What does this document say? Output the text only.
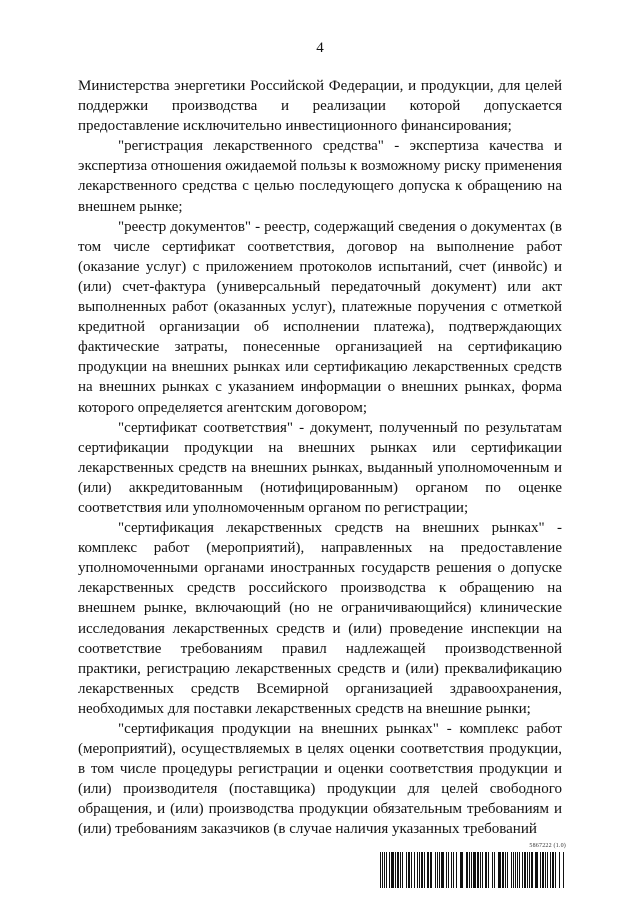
4

Министерства энергетики Российской Федерации, и продукции, для целей поддержки производства и реализации которой допускается предоставление исключительно инвестиционного финансирования;

"регистрация лекарственного средства" - экспертиза качества и экспертиза отношения ожидаемой пользы к возможному риску применения лекарственного средства с целью последующего допуска к обращению на внешнем рынке;

"реестр документов" - реестр, содержащий сведения о документах (в том числе сертификат соответствия, договор на выполнение работ (оказание услуг) с приложением протоколов испытаний, счет (инвойс) и (или) счет-фактура (универсальный передаточный документ) или акт выполненных работ (оказанных услуг), платежные поручения с отметкой кредитной организации об исполнении платежа), подтверждающих фактические затраты, понесенные организацией на сертификацию продукции на внешних рынках или сертификацию лекарственных средств на внешних рынках с указанием информации о внешних рынках, форма которого определяется агентским договором;

"сертификат соответствия" - документ, полученный по результатам сертификации продукции на внешних рынках или сертификации лекарственных средств на внешних рынках, выданный уполномоченным и (или) аккредитованным (нотифицированным) органом по оценке соответствия или уполномоченным органом по регистрации;

"сертификация лекарственных средств на внешних рынках" - комплекс работ (мероприятий), направленных на предоставление уполномоченными органами иностранных государств решения о допуске лекарственных средств российского производства к обращению на внешнем рынке, включающий (но не ограничивающийся) клинические исследования лекарственных средств и (или) проведение инспекции на соответствие требованиям правил надлежащей производственной практики, регистрацию лекарственных средств и (или) преквалификацию лекарственных средств Всемирной организацией здравоохранения, необходимых для поставки лекарственных средств на внешние рынки;

"сертификация продукции на внешних рынках" - комплекс работ (мероприятий), осуществляемых в целях оценки соответствия продукции, в том числе процедуры регистрации и оценки соответствия продукции и (или) производителя (поставщика) продукции для целей свободного обращения, и (или) производства продукции обязательным требованиям и (или) требованиям заказчиков (в случае наличия указанных требований

5867222 (1.0)
